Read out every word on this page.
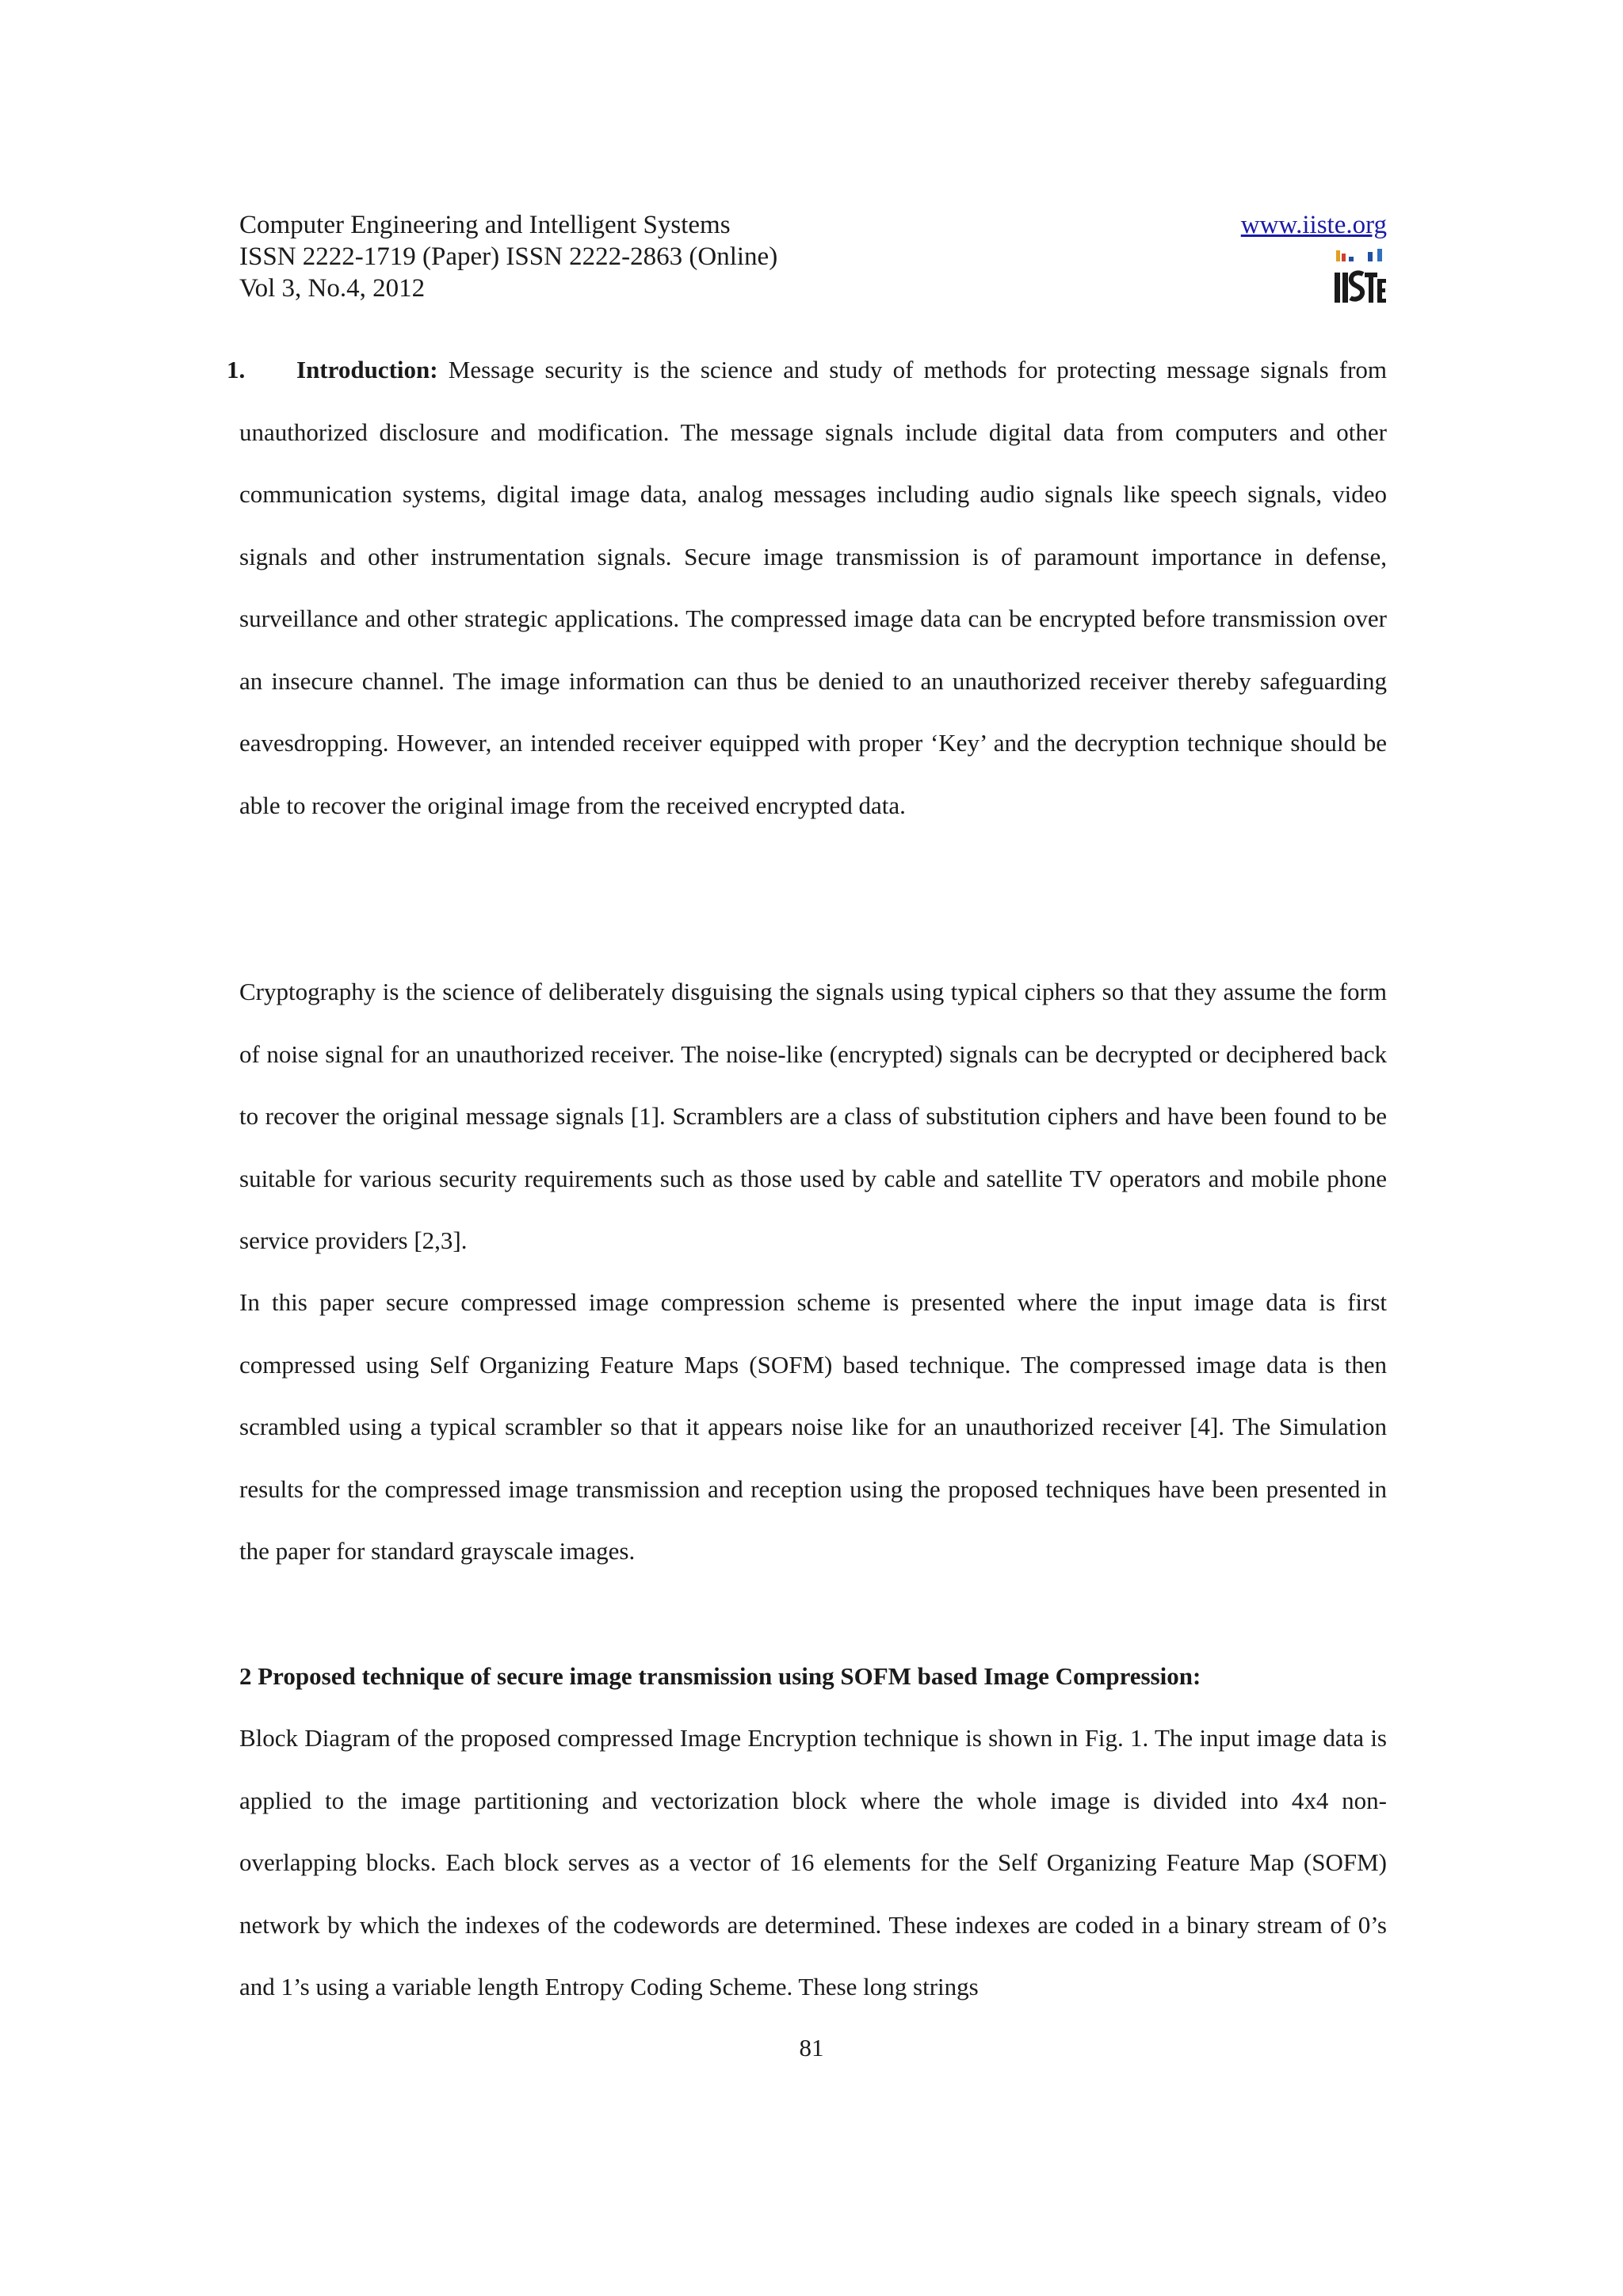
Computer Engineering and Intelligent Systems
ISSN 2222-1719 (Paper) ISSN 2222-2863 (Online)
Vol 3, No.4, 2012
www.iiste.org
1.	Introduction: Message security is the science and study of methods for protecting message signals from unauthorized disclosure and modification. The message signals include digital data from computers and other communication systems, digital image data, analog messages including audio signals like speech signals, video signals and other instrumentation signals. Secure image transmission is of paramount importance in defense, surveillance and other strategic applications. The compressed image data can be encrypted before transmission over an insecure channel. The image information can thus be denied to an unauthorized receiver thereby safeguarding eavesdropping. However, an intended receiver equipped with proper ‘Key’ and the decryption technique should be able to recover the original image from the received encrypted data.
Cryptography is the science of deliberately disguising the signals using typical ciphers so that they assume the form of noise signal for an unauthorized receiver. The noise-like (encrypted) signals can be decrypted or deciphered back to recover the original message signals [1]. Scramblers are a class of substitution ciphers and have been found to be suitable for various security requirements such as those used by cable and satellite TV operators and mobile phone service providers [2,3].
In this paper secure compressed image compression scheme is presented where the input image data is first compressed using Self Organizing Feature Maps (SOFM) based technique. The compressed image data is then scrambled using a typical scrambler so that it appears noise like for an unauthorized receiver [4]. The Simulation results for the compressed image transmission and reception using the proposed techniques have been presented in the paper for standard grayscale images.
2 Proposed technique of secure image transmission using SOFM based Image Compression:
Block Diagram of the proposed compressed Image Encryption technique is shown in Fig. 1. The input image data is applied to the image partitioning and vectorization block where the whole image is divided into 4x4 non-overlapping blocks. Each block serves as a vector of 16 elements for the Self Organizing Feature Map (SOFM) network by which the indexes of the codewords are determined. These indexes are coded in a binary stream of 0’s and 1’s using a variable length Entropy Coding Scheme. These long strings
81
